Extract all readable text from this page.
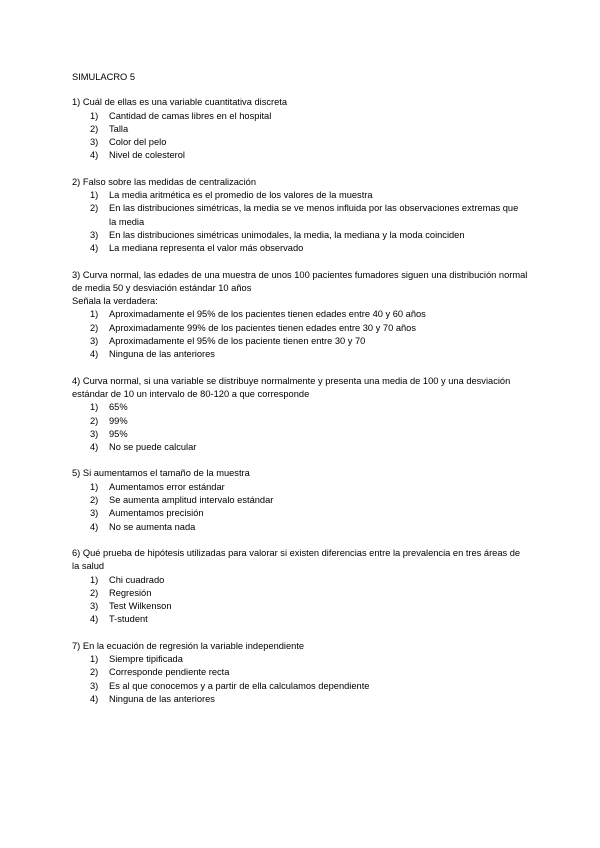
SIMULACRO 5

1) Cuál de ellas es una variable cuantitativa discreta

1) Cantidad de camas libres en el hospital
2) Talla
3) Color del pelo
4) Nivel de colesterol

2) Falso sobre las medidas de centralización

1) La media aritmética es el promedio de los valores de la muestra
2) En las distribuciones simétricas, la media se ve menos influida por las observaciones extremas que la media
3) En las distribuciones simétricas unimodales, la media, la mediana y la moda coinciden
4) La mediana representa el valor más observado

3) Curva normal, las edades de una muestra de unos 100 pacientes fumadores siguen una distribución normal de media 50 y desviación estándar 10 años

Señala la verdadera:

1) Aproximadamente el 95% de los pacientes tienen edades entre 40 y 60 años
2) Aproximadamente 99% de los pacientes tienen edades entre 30 y 70 años
3) Aproximadamente el 95% de los paciente tienen entre 30 y 70
4) Ninguna de las anteriores

4) Curva normal, si una variable se distribuye normalmente y presenta una media de 100 y una desviación estándar de 10 un intervalo de 80-120 a que corresponde

1) 65%
2) 99%
3) 95%
4) No se puede calcular

5) Si aumentamos el tamaño de la muestra

1) Aumentamos error estándar
2) Se aumenta amplitud intervalo estándar
3) Aumentamos precisión
4) No se aumenta nada

6) Qué prueba de hipótesis utilizadas para valorar si existen diferencias entre la prevalencia en tres áreas de la salud

1) Chi cuadrado
2) Regresión
3) Test Wilkenson
4) T-student

7) En la ecuación de regresión la variable independiente

1) Siempre tipificada
2) Corresponde pendiente recta
3) Es al que conocemos y a partir de ella calculamos dependiente
4) Ninguna de las anteriores
